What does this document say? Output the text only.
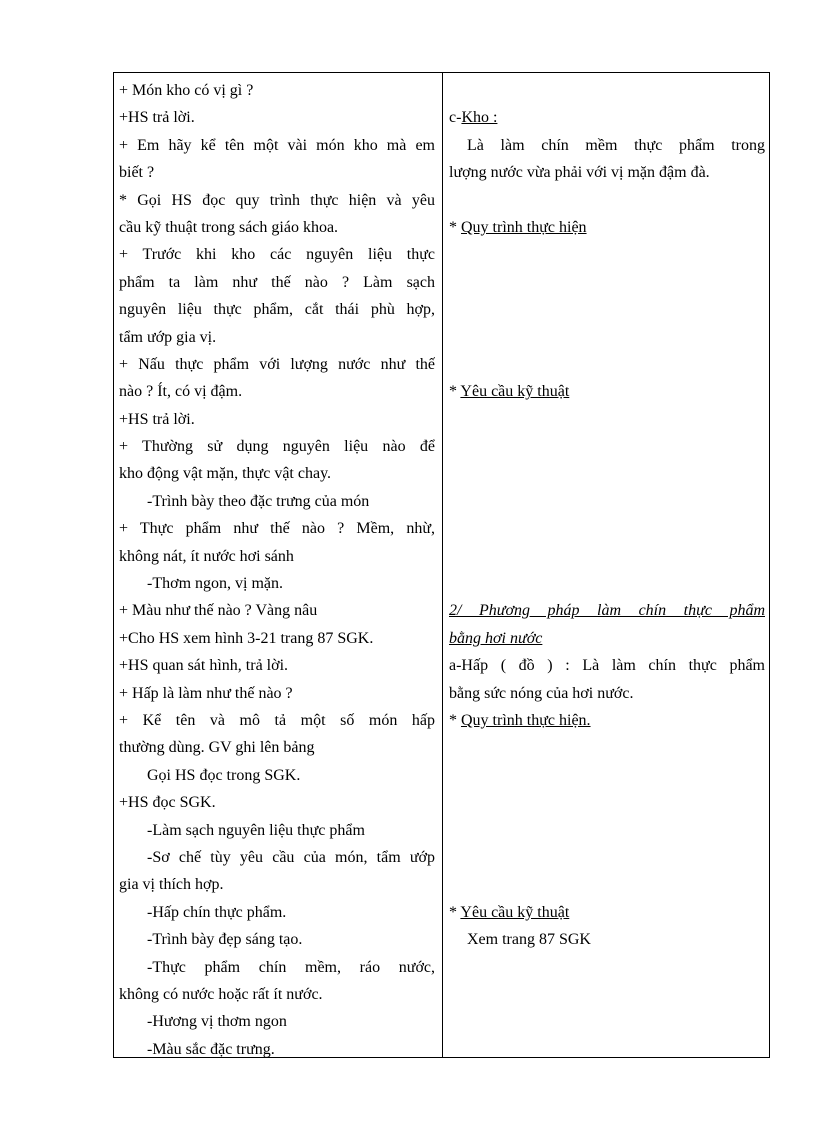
+ Món kho có vị gì ?
+HS trả lời.
+ Em hãy kể tên một vài món kho mà em
biết ?
* Gọi HS đọc quy trình thực hiện và yêu
cầu kỹ thuật trong sách giáo khoa.
+ Trước khi kho các nguyên liệu thực
phẩm ta làm như thế nào ? Làm sạch
nguyên liệu thực phẩm, cắt thái phù hợp,
tẩm ướp gia vị.
+ Nấu thực phẩm với lượng nước như thế
nào ? Ít, có vị đậm.
+HS trả lời.
+ Thường sử dụng nguyên liệu nào để
kho động vật mặn, thực vật chay.
-Trình bày theo đặc trưng của món
+ Thực phẩm như thế nào ? Mềm, nhừ,
không nát, ít nước hơi sánh
-Thơm ngon, vị mặn.
+ Màu như thế nào ? Vàng nâu
+Cho HS xem hình 3-21 trang 87 SGK.
+HS quan sát hình, trả lời.
+ Hấp là làm như thế nào ?
+ Kể tên và mô tả một số món hấp
thường dùng. GV ghi lên bảng
Gọi HS đọc trong SGK.
+HS đọc SGK.
-Làm sạch nguyên liệu thực phẩm
-Sơ chế tùy yêu cầu của món, tẩm ướp
gia vị thích hợp.
-Hấp chín thực phẩm.
-Trình bày đẹp sáng tạo.
-Thực phẩm chín mềm, ráo nước,
không có nước hoặc rất ít nước.
-Hương vị thơm ngon
-Màu sắc đặc trưng.
c-Kho :
Là làm chín mềm thực phẩm trong
lượng nước vừa phải với vị mặn đậm đà.
* Quy trình thực hiện
* Yêu cầu kỹ thuật
2/ Phương pháp làm chín thực phẩm
bằng hơi nước
a-Hấp ( đồ ) : Là làm chín thực phẩm
bằng sức nóng của hơi nước.
* Quy trình thực hiện.
* Yêu cầu kỹ thuật
Xem trang 87 SGK
